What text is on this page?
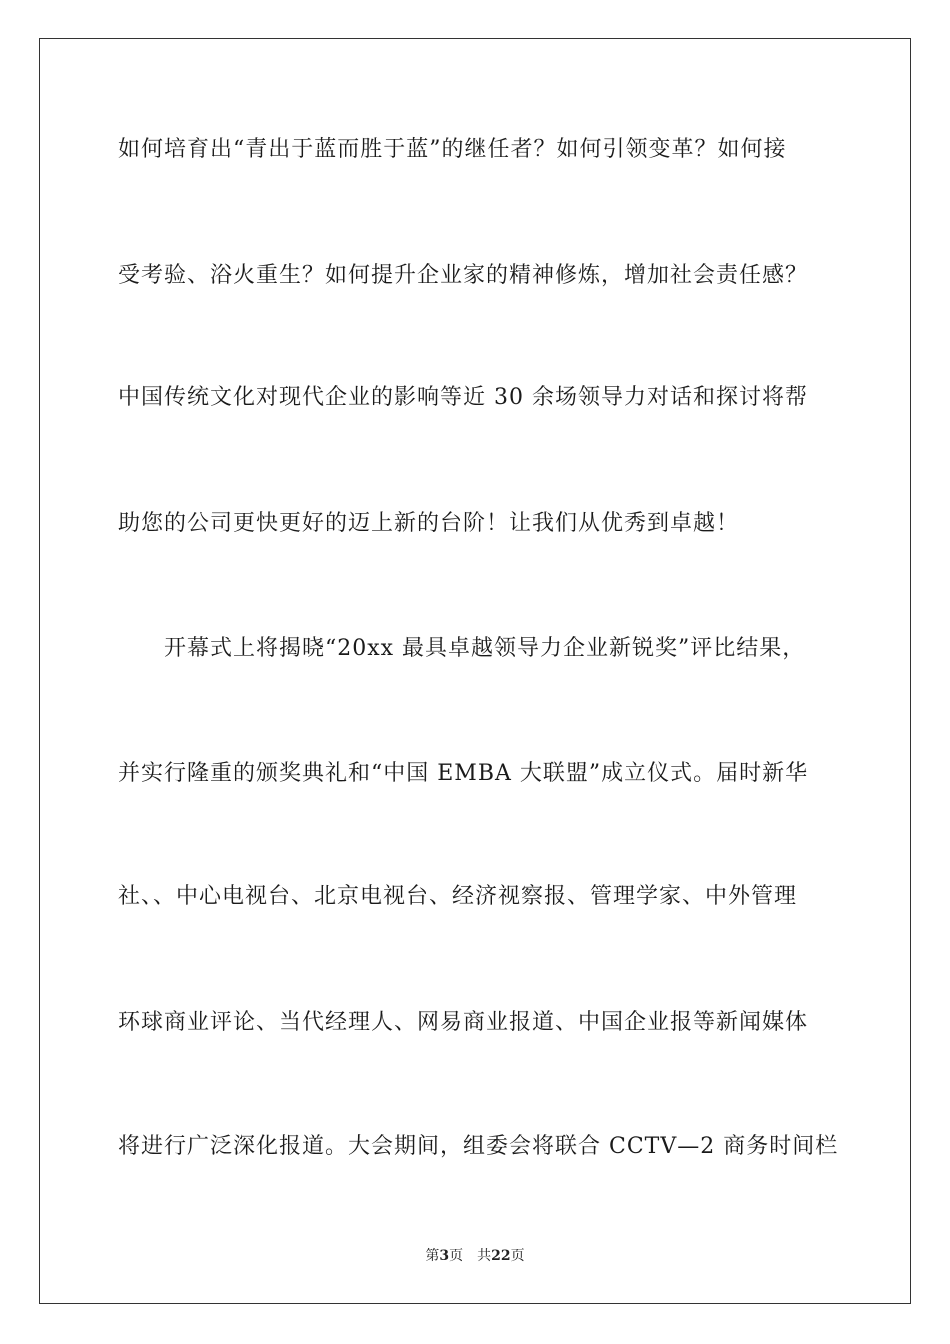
如何培育出“青出于蓝而胜于蓝”的继任者？如何引领变革？如何接
受考验、浴火重生？如何提升企业家的精神修炼，增加社会责任感？
中国传统文化对现代企业的影响等近 30 余场领导力对话和探讨将帮
助您的公司更快更好的迈上新的台阶！让我们从优秀到卓越！
开幕式上将揭晓“20xx 最具卓越领导力企业新锐奖”评比结果，
并实行隆重的颁奖典礼和“中国 EMBA 大联盟”成立仪式。届时新华
社、、中心电视台、北京电视台、经济视察报、管理学家、中外管理
环球商业评论、当代经理人、网易商业报道、中国企业报等新闻媒体
将进行广泛深化报道。大会期间，组委会将联合 CCTV—2 商务时间栏
第3页 共22页
